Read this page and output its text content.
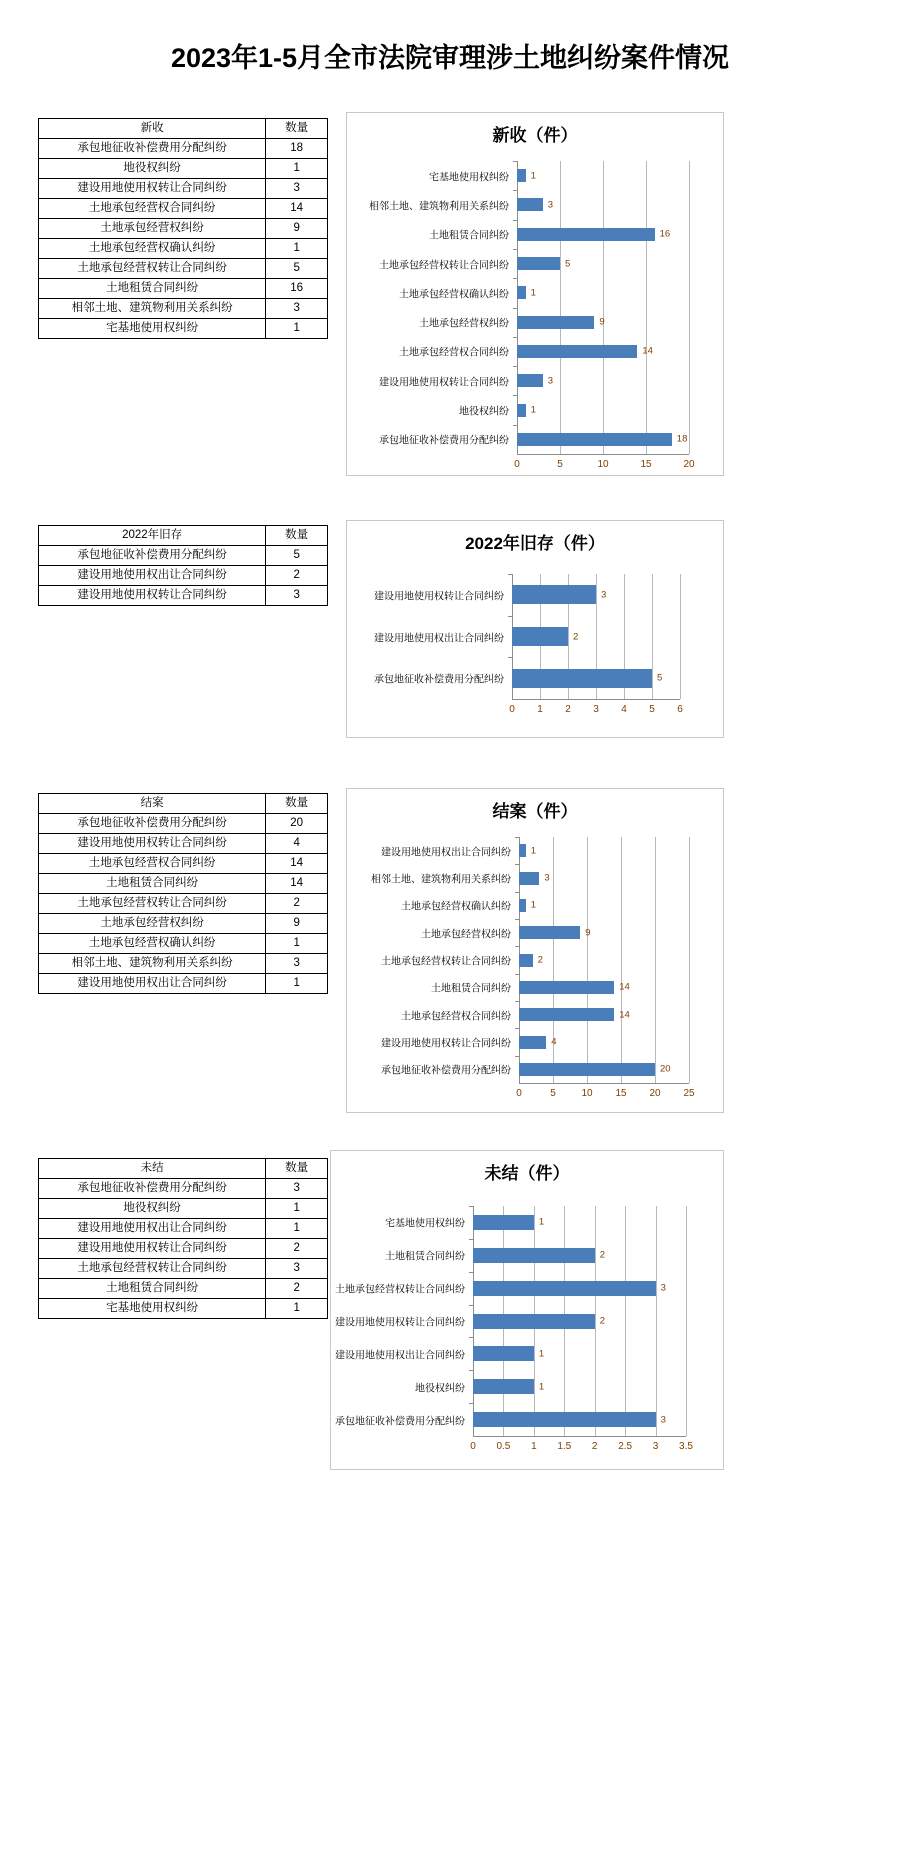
2023年1-5月全市法院审理涉土地纠纷案件情况
新收	数量
承包地征收补偿费用分配纠纷	18
地役权纠纷	1
建设用地使用权转让合同纠纷	3
土地承包经营权合同纠纷	14
土地承包经营权纠纷	9
土地承包经营权确认纠纷	1
土地承包经营权转让合同纠纷	5
土地租赁合同纠纷	16
相邻土地、建筑物利用关系纠纷	3
宅基地使用权纠纷	1
新收（件）
0	5	10	15	20
1
宅基地使用权纠纷
3
相邻土地、建筑物利用关系纠纷
16
土地租赁合同纠纷
5
土地承包经营权转让合同纠纷
1
土地承包经营权确认纠纷
9
土地承包经营权纠纷
14
土地承包经营权合同纠纷
3
建设用地使用权转让合同纠纷
1
地役权纠纷
18
承包地征收补偿费用分配纠纷
2022年旧存	数量
承包地征收补偿费用分配纠纷	5
建设用地使用权出让合同纠纷	2
建设用地使用权转让合同纠纷	3
2022年旧存（件）
0 1 2 3 4 5 6
3
建设用地使用权转让合同纠纷
2
建设用地使用权出让合同纠纷
5
承包地征收补偿费用分配纠纷
结案	数量
承包地征收补偿费用分配纠纷	20
建设用地使用权转让合同纠纷	4
土地承包经营权合同纠纷	14
土地租赁合同纠纷	14
土地承包经营权转让合同纠纷	2
土地承包经营权纠纷	9
土地承包经营权确认纠纷	1
相邻土地、建筑物利用关系纠纷	3
建设用地使用权出让合同纠纷	1
结案（件）
0	5	10 15 20 25
1
建设用地使用权出让合同纠纷
3
相邻土地、建筑物利用关系纠纷
1
土地承包经营权确认纠纷
9
土地承包经营权纠纷
2
土地承包经营权转让合同纠纷
14
土地租赁合同纠纷
14
土地承包经营权合同纠纷
4
建设用地使用权转让合同纠纷
20
承包地征收补偿费用分配纠纷
未结	数量
承包地征收补偿费用分配纠纷	3
地役权纠纷	1
建设用地使用权出让合同纠纷	1
建设用地使用权转让合同纠纷	2
土地承包经营权转让合同纠纷	3
土地租赁合同纠纷	2
宅基地使用权纠纷	1
未结（件）
0 0.5 1 1.5 2 2.5 3 3.5
1
宅基地使用权纠纷
2
土地租赁合同纠纷
3
土地承包经营权转让合同纠纷
2
建设用地使用权转让合同纠纷
1
建设用地使用权出让合同纠纷
1
地役权纠纷
3
承包地征收补偿费用分配纠纷
